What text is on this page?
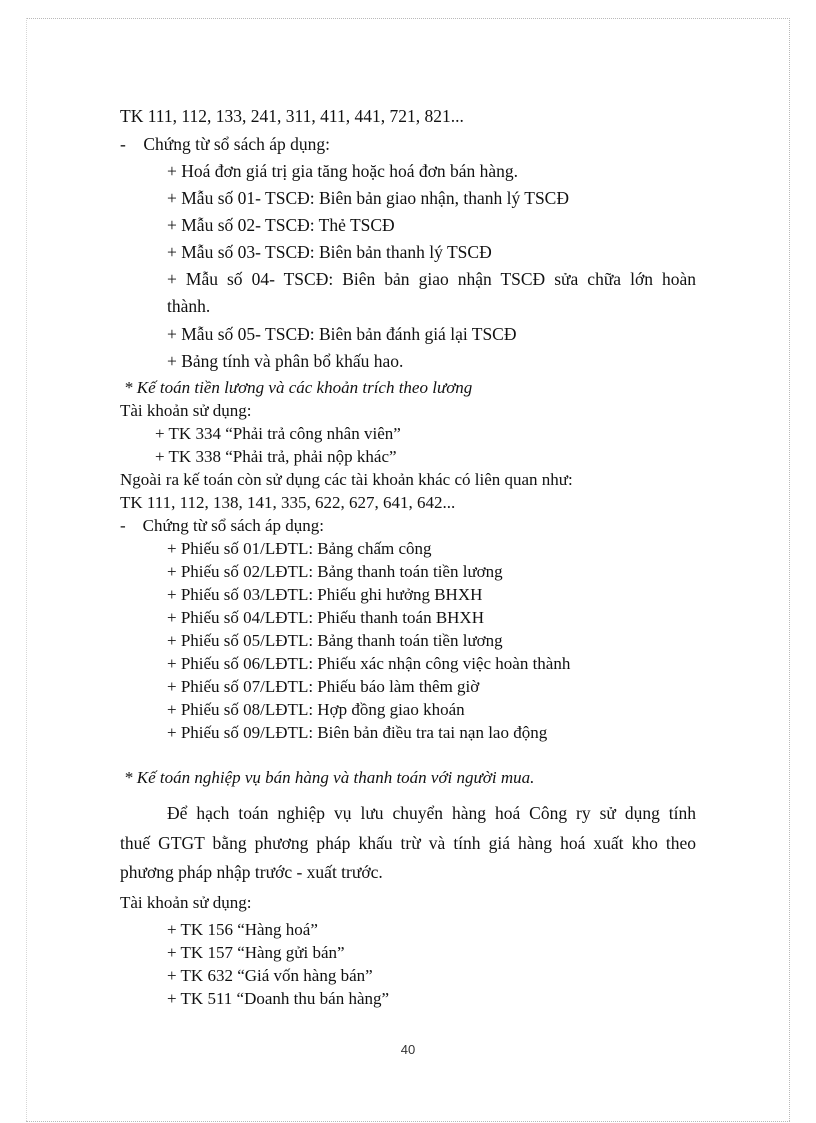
TK 111, 112, 133, 241, 311, 411, 441, 721, 821...
-    Chứng từ sổ sách áp dụng:
+ Hoá đơn giá trị gia tăng hoặc hoá đơn bán hàng.
+ Mẫu số 01- TSCĐ: Biên bản giao nhận, thanh lý TSCĐ
+ Mẫu số 02- TSCĐ: Thẻ TSCĐ
+ Mẫu số 03- TSCĐ: Biên bản thanh lý TSCĐ
+ Mẫu số 04- TSCĐ: Biên bản giao nhận TSCĐ sửa chữa lớn hoàn
thành.
+ Mẫu số 05- TSCĐ: Biên bản đánh giá lại TSCĐ
+ Bảng tính và phân bổ khấu hao.
* Kế toán tiền lương và các khoản trích theo lương
Tài khoản sử dụng:
+ TK 334 “Phải trả công nhân viên”
+ TK 338 “Phải trả, phải nộp khác”
Ngoài ra kế toán còn sử dụng các tài khoản khác có liên quan như:
TK 111, 112, 138, 141, 335, 622, 627, 641, 642...
-    Chứng từ sổ sách áp dụng:
+ Phiếu số 01/LĐTL: Bảng chấm công
+ Phiếu số 02/LĐTL: Bảng thanh toán tiền lương
+ Phiếu số 03/LĐTL: Phiếu ghi hưởng BHXH
+ Phiếu số 04/LĐTL: Phiếu thanh toán BHXH
+ Phiếu số 05/LĐTL: Bảng thanh toán tiền lương
+ Phiếu số 06/LĐTL: Phiếu xác nhận công việc hoàn thành
+ Phiếu số 07/LĐTL: Phiếu báo làm thêm giờ
+ Phiếu số 08/LĐTL: Hợp đồng giao khoán
+ Phiếu số 09/LĐTL: Biên bản điều tra tai nạn lao động
* Kế toán nghiệp vụ bán hàng và thanh toán với người mua.
Để hạch toán nghiệp vụ lưu chuyển hàng hoá Công ry sử dụng tính
thuế GTGT bằng phương pháp khấu trừ và tính giá hàng hoá xuất kho theo
phương pháp nhập trước - xuất trước.
Tài khoản sử dụng:
+ TK 156 “Hàng hoá”
+ TK 157 “Hàng gửi bán”
+ TK 632 “Giá vốn hàng bán”
+ TK 511 “Doanh thu bán hàng”
40
